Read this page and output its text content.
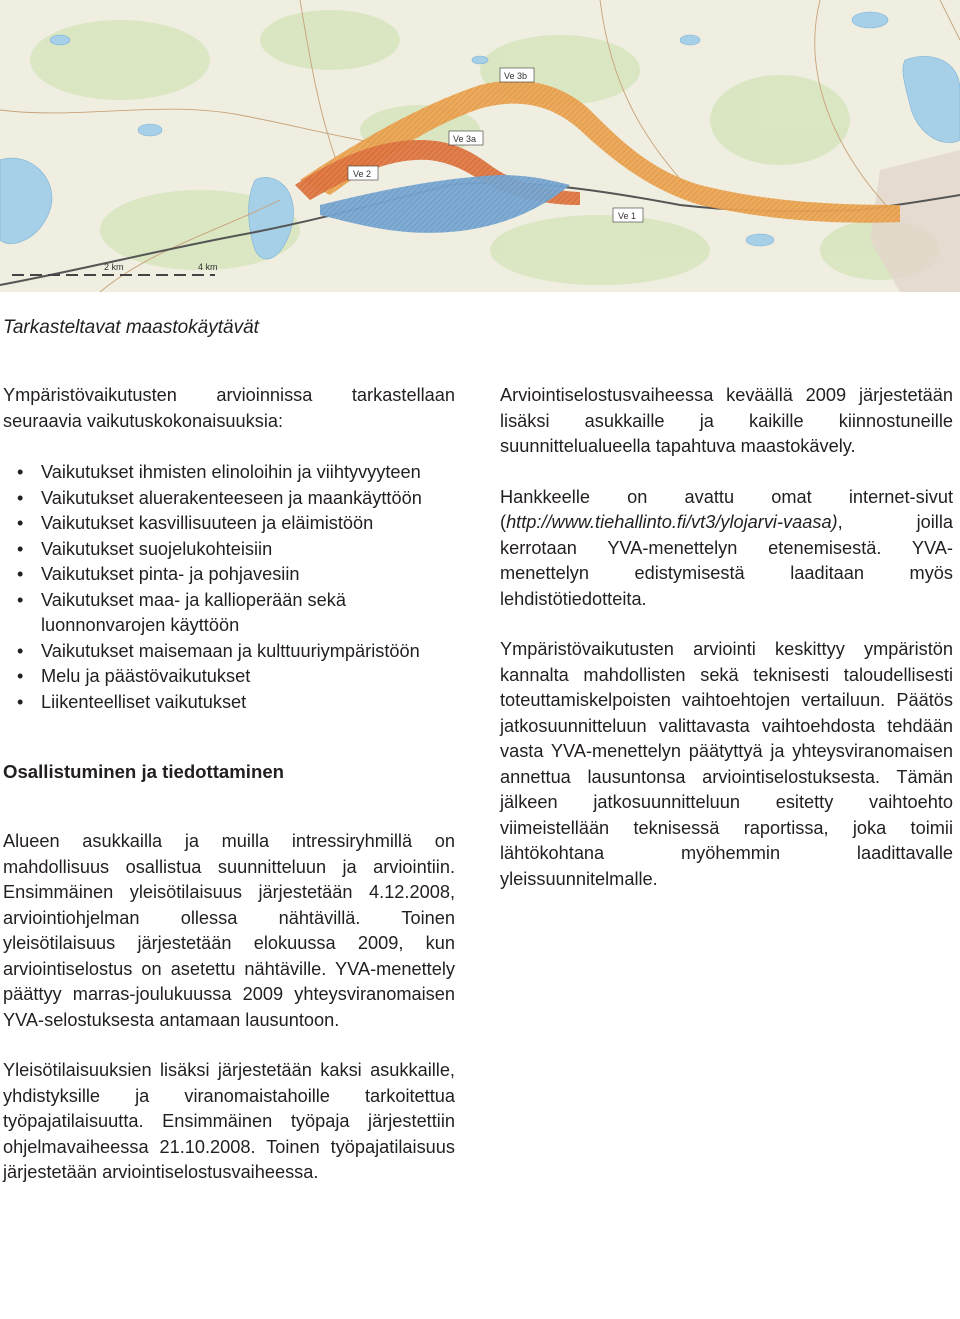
Ve 3b
Ve 3a
Ve 2
Ve 1
2 km	4 km

Tarkasteltavat maastokäytävät

Ympäristövaikutusten arvioinnissa tarkastellaan seuraavia vaikutuskokonaisuuksia:

• Vaikutukset ihmisten elinoloihin ja viihtyvyyteen
• Vaikutukset aluerakenteeseen ja maankäyttöön
• Vaikutukset kasvillisuuteen ja eläimistöön
• Vaikutukset suojelukohteisiin
• Vaikutukset pinta- ja pohjavesiin
• Vaikutukset maa- ja kallioperään sekä luonnonvarojen käyttöön
• Vaikutukset maisemaan ja kulttuuriympäristöön
• Melu ja päästövaikutukset
• Liikenteelliset vaikutukset
Osallistuminen ja tiedottaminen

Alueen asukkailla ja muilla intressiryhmillä on mahdollisuus osallistua suunnitteluun ja arviointiin. Ensimmäinen yleisötilaisuus järjestetään 4.12.2008, arviointiohjelman ollessa nähtävillä. Toinen yleisötilaisuus järjestetään elokuussa 2009, kun arviointiselostus on asetettu nähtäville. YVA-menettely päättyy marras-joulukuussa 2009 yhteysviranomaisen YVA-selostuksesta antamaan lausuntoon.

Yleisötilaisuuksien lisäksi järjestetään kaksi asukkaille, yhdistyksille ja viranomaistahoille tarkoitettua työpajatilaisuutta. Ensimmäinen työpaja järjestettiin ohjelmavaiheessa 21.10.2008. Toinen työpajatilaisuus järjestetään arviointiselostusvaiheessa.

Arviointiselostusvaiheessa keväällä 2009 järjestetään lisäksi asukkaille ja kaikille kiinnostuneille suunnittelualueella tapahtuva maastokävely.

Hankkeelle on avattu omat internet-sivut (http://www.tiehallinto.fi/vt3/ylojarvi-vaasa), joilla kerrotaan YVA-menettelyn etenemisestä. YVA-menettelyn edistymisestä laaditaan myös lehdistötiedotteita.

Ympäristövaikutusten arviointi keskittyy ympäristön kannalta mahdollisten sekä teknisesti taloudellisesti toteuttamiskelpoisten vaihtoehtojen vertailuun. Päätös jatkosuunnitteluun valittavasta vaihtoehdosta tehdään vasta YVA-menettelyn päätyttyä ja yhteysviranomaisen annettua lausuntonsa arviointiselostuksesta. Tämän jälkeen jatkosuunnitteluun esitetty vaihtoehto viimeistellään teknisessä raportissa, joka toimii lähtökohtana myöhemmin laadittavalle yleissuunnitelmalle.
